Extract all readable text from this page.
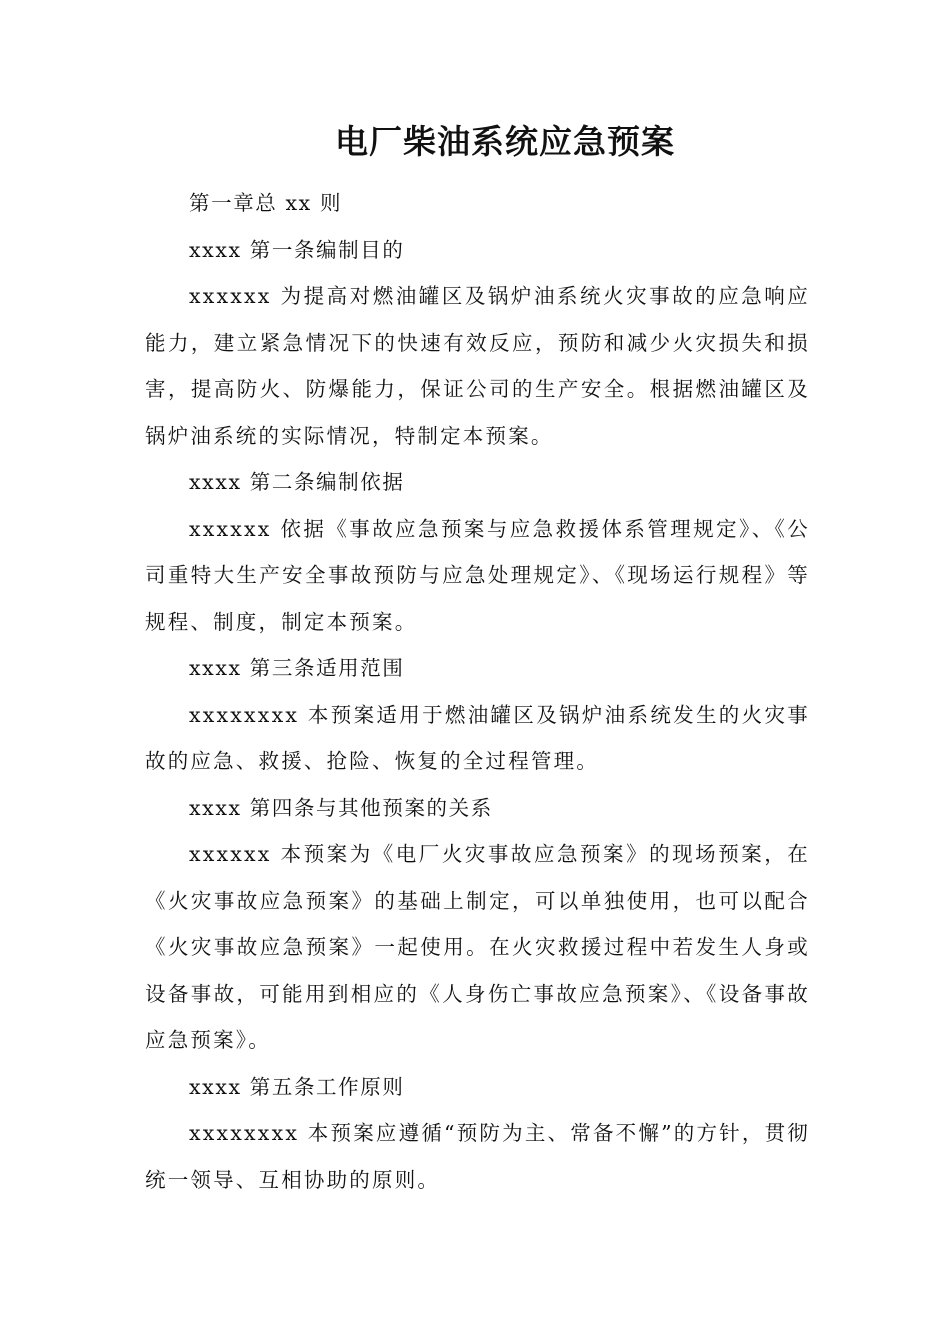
电厂柴油系统应急预案

第一章总 xx 则

xxxx 第一条编制目的

xxxxxx 为提高对燃油罐区及锅炉油系统火灾事故的应急响应能力，建立紧急情况下的快速有效反应，预防和减少火灾损失和损害，提高防火、防爆能力，保证公司的生产安全。根据燃油罐区及锅炉油系统的实际情况，特制定本预案。

xxxx 第二条编制依据

xxxxxx 依据《事故应急预案与应急救援体系管理规定》、《公司重特大生产安全事故预防与应急处理规定》、《现场运行规程》等规程、制度，制定本预案。

xxxx 第三条适用范围

xxxxxxxx 本预案适用于燃油罐区及锅炉油系统发生的火灾事故的应急、救援、抢险、恢复的全过程管理。

xxxx 第四条与其他预案的关系

xxxxxx 本预案为《电厂火灾事故应急预案》的现场预案，在《火灾事故应急预案》的基础上制定，可以单独使用，也可以配合《火灾事故应急预案》一起使用。在火灾救援过程中若发生人身或设备事故，可能用到相应的《人身伤亡事故应急预案》、《设备事故应急预案》。

xxxx 第五条工作原则

xxxxxxxx 本预案应遵循“预防为主、常备不懈”的方针，贯彻统一领导、互相协助的原则。
